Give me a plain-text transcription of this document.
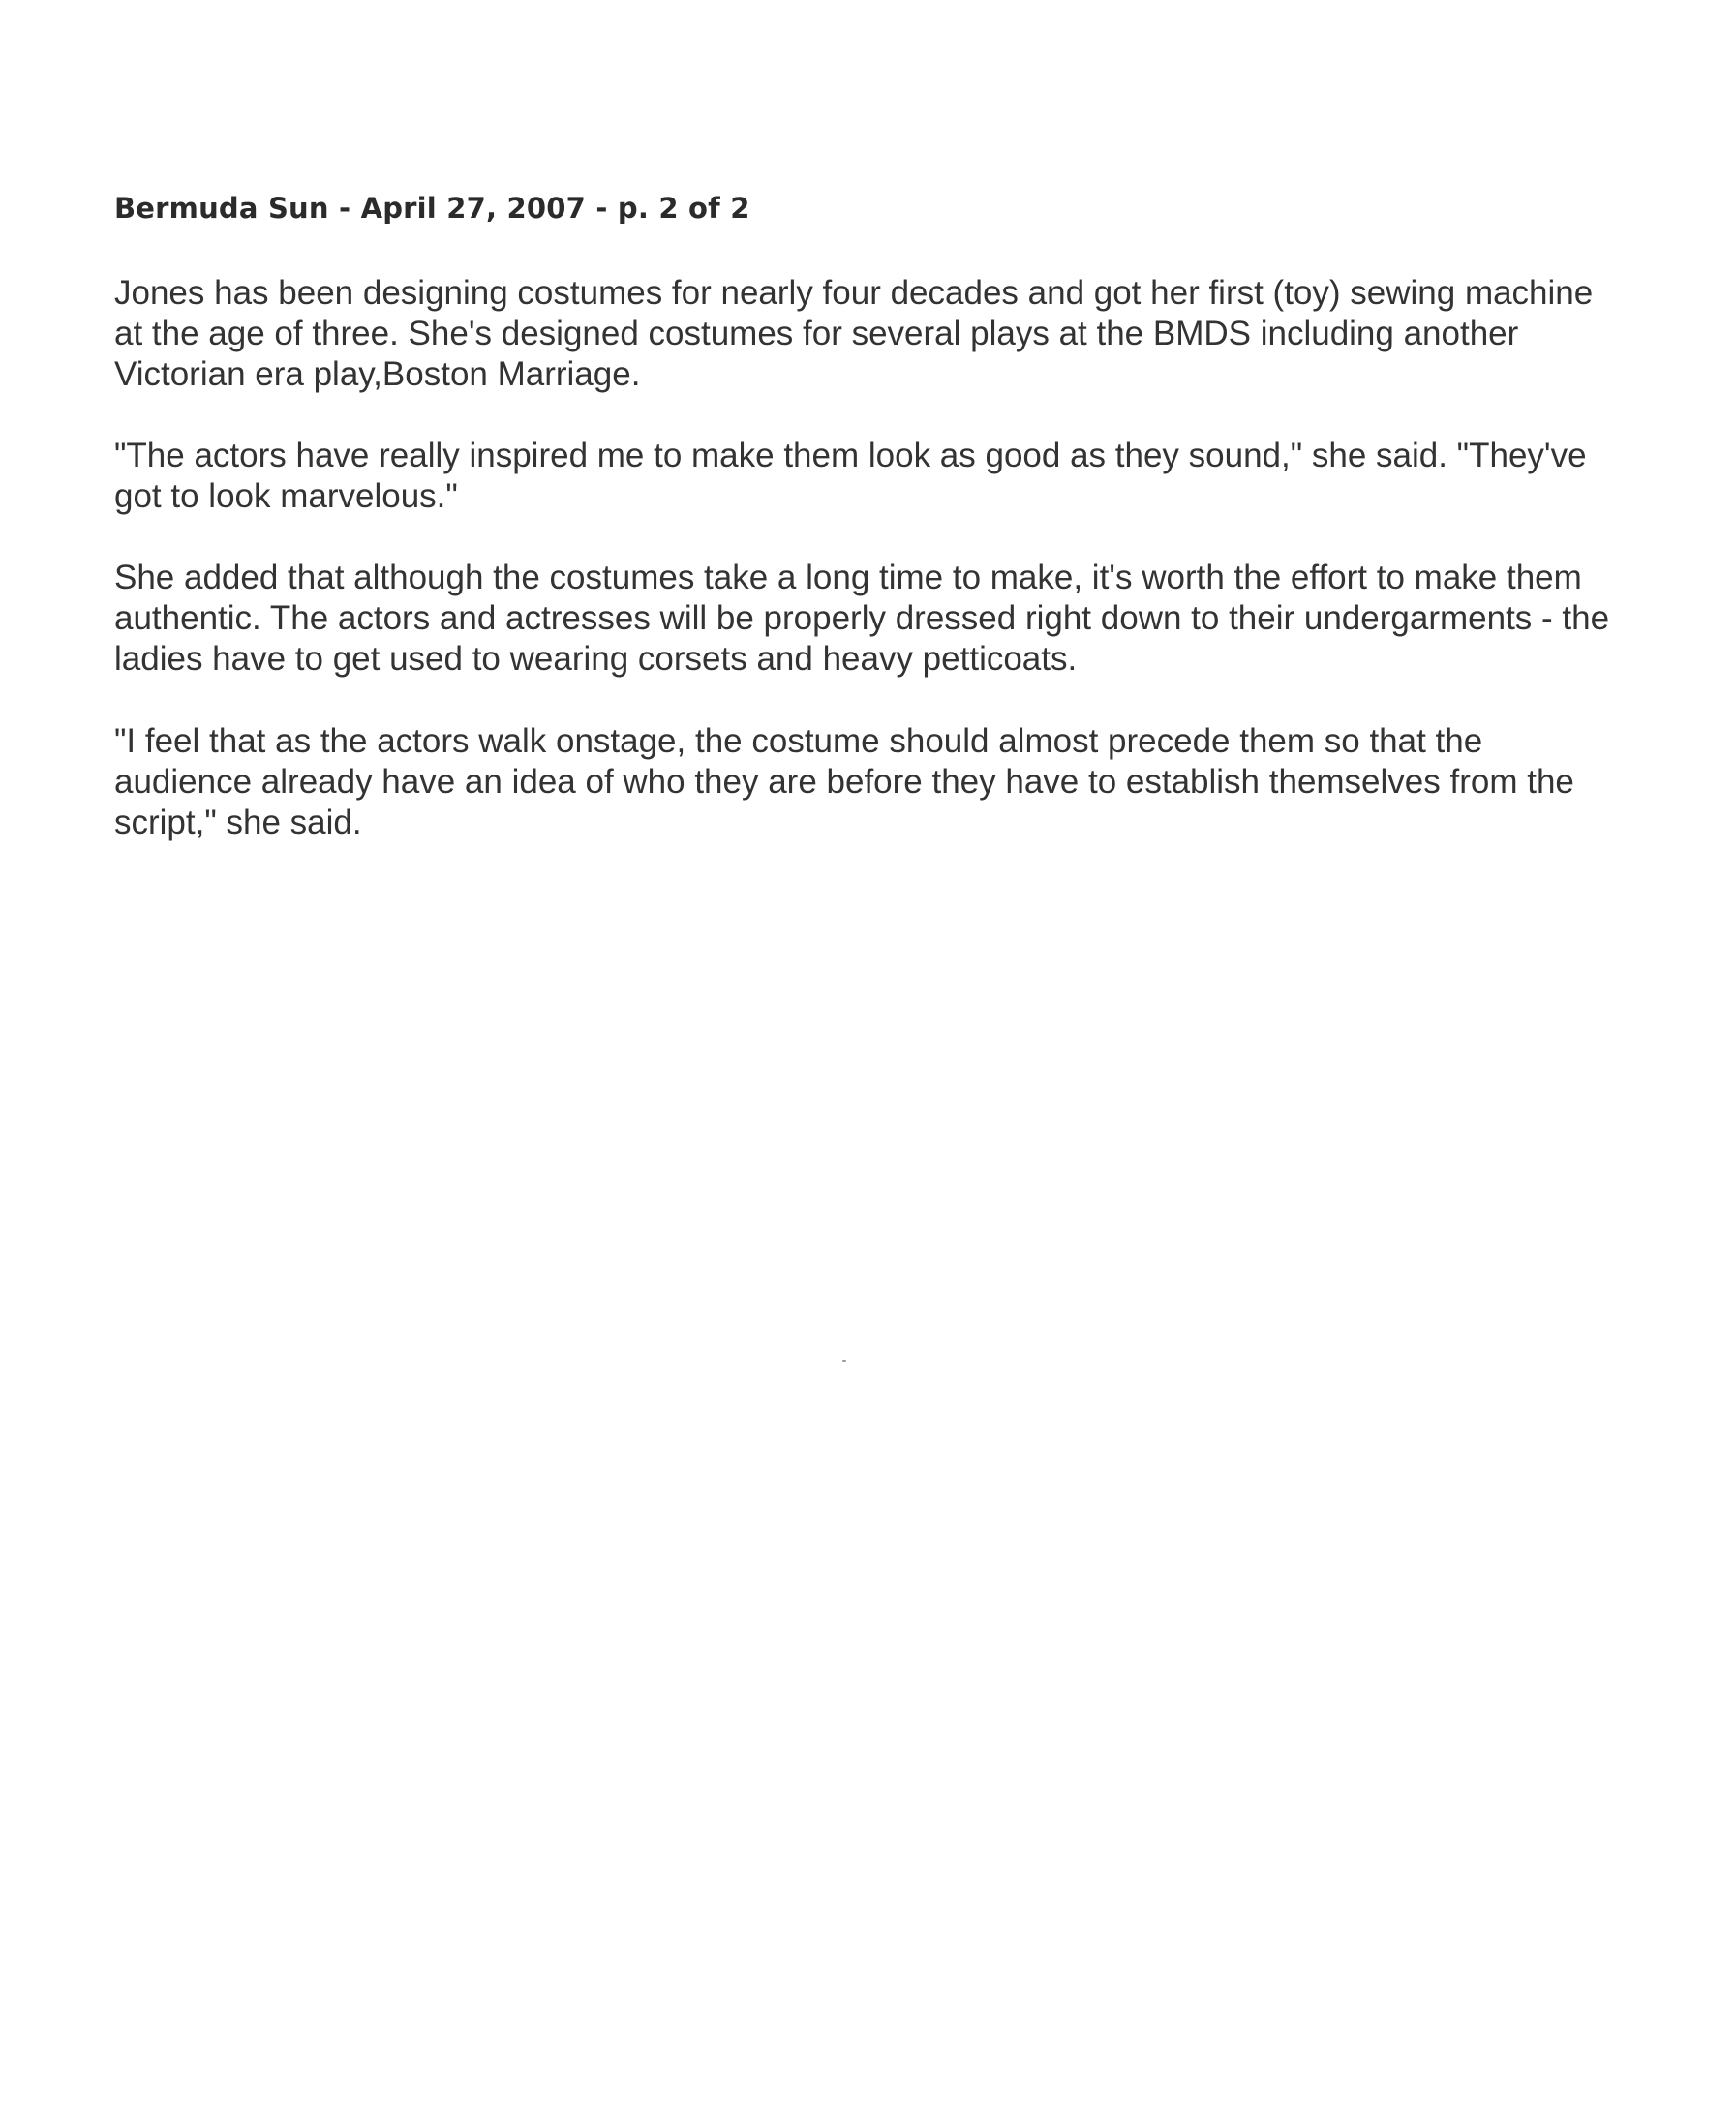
Bermuda Sun - April 27, 2007 - p. 2 of 2

Jones has been designing costumes for nearly four decades and got her first (toy) sewing machine at the age of three. She's designed costumes for several plays at the BMDS including another Victorian era play,Boston Marriage.

"The actors have really inspired me to make them look as good as they sound," she said. "They've got to look marvelous."

She added that although the costumes take a long time to make, it's worth the effort to make them authentic. The actors and actresses will be properly dressed right down to their undergarments - the ladies have to get used to wearing corsets and heavy petticoats.

"I feel that as the actors walk onstage, the costume should almost precede them so that the audience already have an idea of who they are before they have to establish themselves from the script," she said.
